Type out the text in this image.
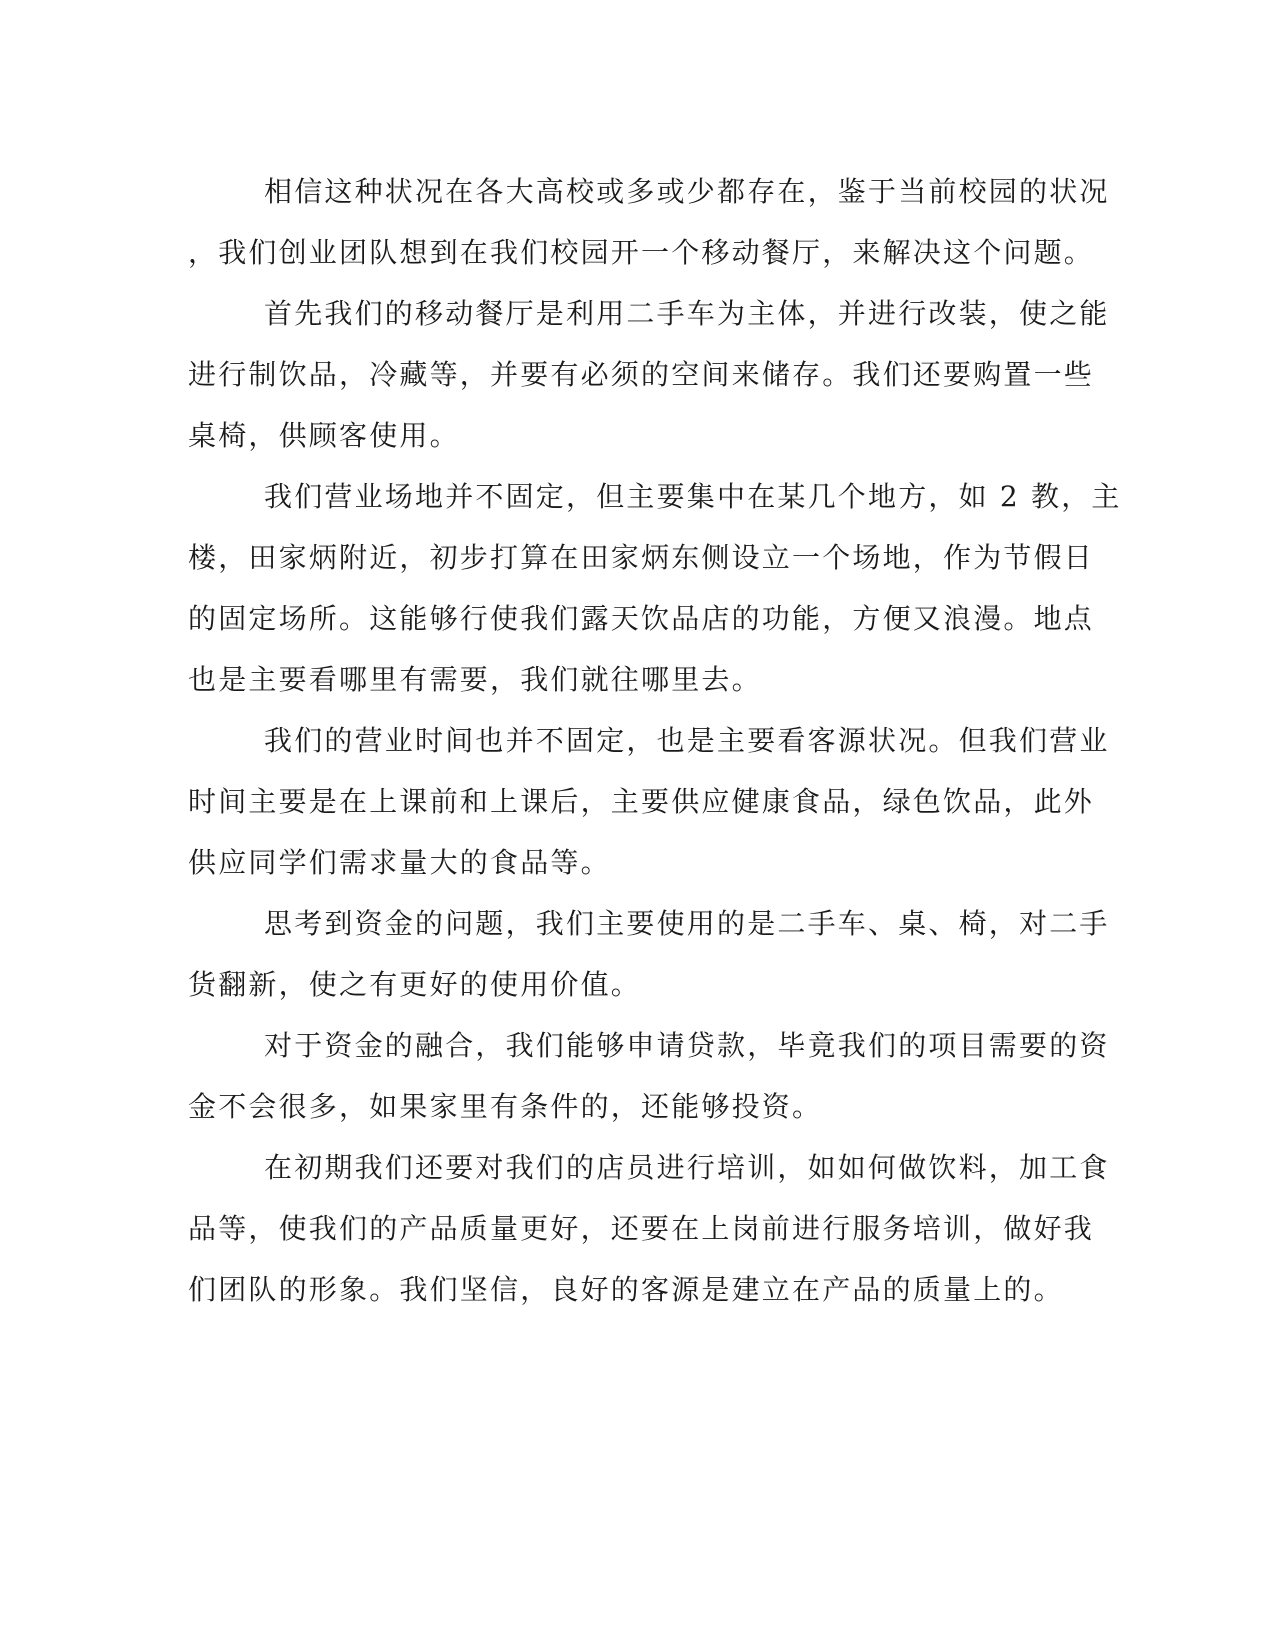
相信这种状况在各大高校或多或少都存在，鉴于当前校园的状况
，我们创业团队想到在我们校园开一个移动餐厅，来解决这个问题。
首先我们的移动餐厅是利用二手车为主体，并进行改装，使之能
进行制饮品，冷藏等，并要有必须的空间来储存。我们还要购置一些
桌椅，供顾客使用。
我们营业场地并不固定，但主要集中在某几个地方，如 2 教，主
楼，田家炳附近，初步打算在田家炳东侧设立一个场地，作为节假日
的固定场所。这能够行使我们露天饮品店的功能，方便又浪漫。地点
也是主要看哪里有需要，我们就往哪里去。
我们的营业时间也并不固定，也是主要看客源状况。但我们营业
时间主要是在上课前和上课后，主要供应健康食品，绿色饮品，此外
供应同学们需求量大的食品等。
思考到资金的问题，我们主要使用的是二手车、桌、椅，对二手
货翻新，使之有更好的使用价值。
对于资金的融合，我们能够申请贷款，毕竟我们的项目需要的资
金不会很多，如果家里有条件的，还能够投资。
在初期我们还要对我们的店员进行培训，如如何做饮料，加工食
品等，使我们的产品质量更好，还要在上岗前进行服务培训，做好我
们团队的形象。我们坚信，良好的客源是建立在产品的质量上的。
